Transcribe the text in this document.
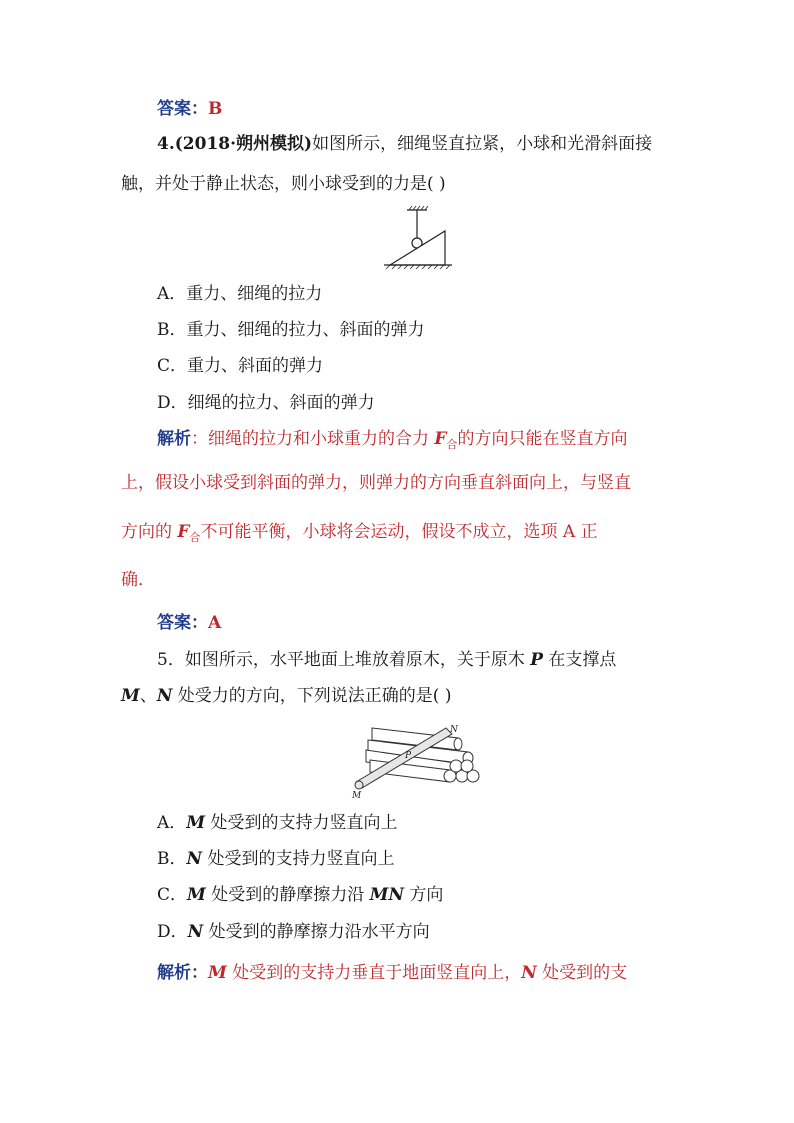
答案：B
4.(2018·朔州模拟)如图所示，细绳竖直拉紧，小球和光滑斜面接
触，并处于静止状态，则小球受到的力是( )
A．重力、细绳的拉力
B．重力、细绳的拉力、斜面的弹力
C．重力、斜面的弹力
D．细绳的拉力、斜面的弹力
解析：细绳的拉力和小球重力的合力 $F_合$的方向只能在竖直方向
上，假设小球受到斜面的弹力，则弹力的方向垂直斜面向上，与竖直
方向的 $F_合$不可能平衡，小球将会运动，假设不成立，选项 A 正
确．
答案：A
5．如图所示，水平地面上堆放着原木，关于原木 P 在支撑点
M、N 处受力的方向，下列说法正确的是( )
N
P
M
A．M 处受到的支持力竖直向上
B．N 处受到的支持力竖直向上
C．M 处受到的静摩擦力沿 MN 方向
D．N 处受到的静摩擦力沿水平方向
解析：M 处受到的支持力垂直于地面竖直向上，N 处受到的支
